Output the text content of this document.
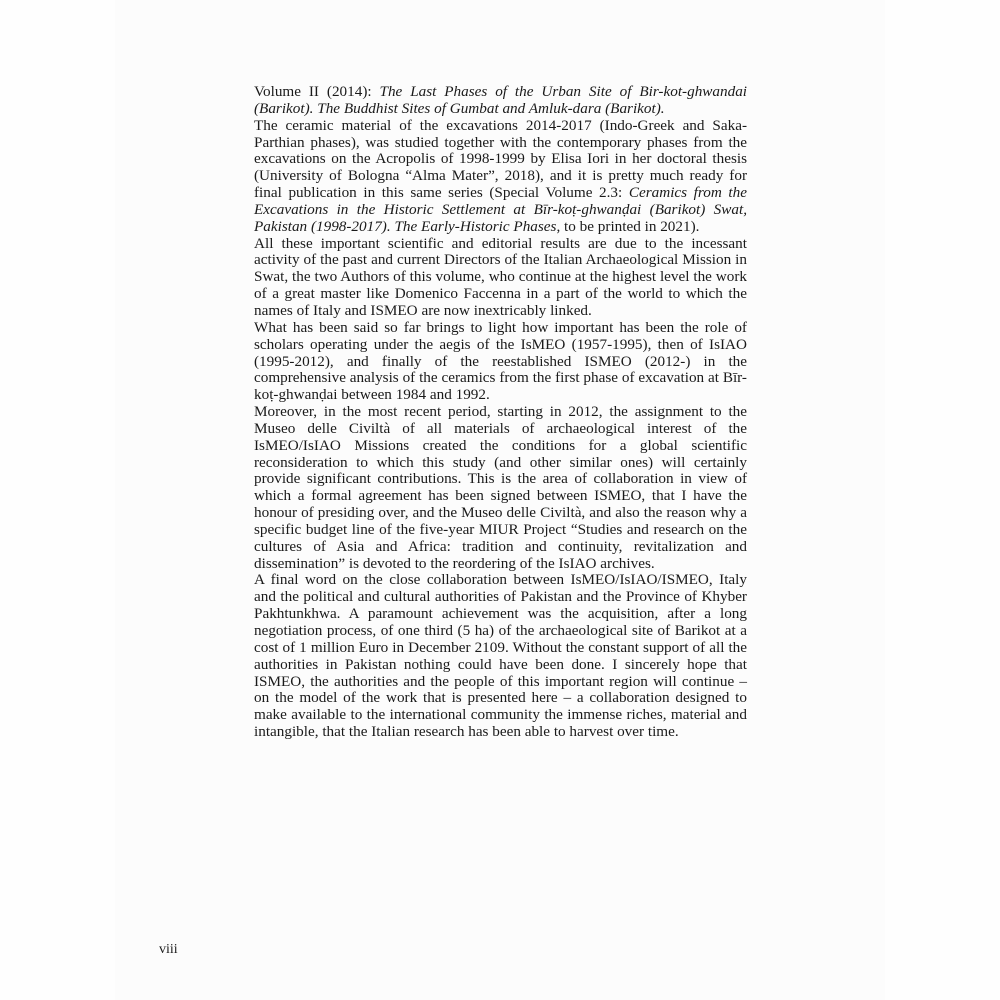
Volume II (2014): The Last Phases of the Urban Site of Bir-kot-ghwandai (Barikot). The Buddhist Sites of Gumbat and Amluk-dara (Barikot).

The ceramic material of the excavations 2014-2017 (Indo-Greek and Saka-Parthian phases), was studied together with the contemporary phases from the excavations on the Acropolis of 1998-1999 by Elisa Iori in her doctoral thesis (University of Bologna “Alma Mater”, 2018), and it is pretty much ready for final publication in this same series (Special Volume 2.3: Ceramics from the Excavations in the Historic Settlement at Bīr-koṭ-ghwanḍai (Barikot) Swat, Pakistan (1998-2017). The Early-Historic Phases, to be printed in 2021).

All these important scientific and editorial results are due to the incessant activity of the past and current Directors of the Italian Archaeological Mission in Swat, the two Authors of this volume, who continue at the highest level the work of a great master like Domenico Faccenna in a part of the world to which the names of Italy and ISMEO are now inextricably linked.

What has been said so far brings to light how important has been the role of scholars operating under the aegis of the IsMEO (1957-1995), then of IsIAO (1995-2012), and finally of the reestablished ISMEO (2012-) in the comprehensive analysis of the ceramics from the first phase of excavation at Bīr-koṭ-ghwanḍai between 1984 and 1992.

Moreover, in the most recent period, starting in 2012, the assignment to the Museo delle Civiltà of all materials of archaeological interest of the IsMEO/IsIAO Missions created the conditions for a global scientific reconsideration to which this study (and other similar ones) will certainly provide significant contributions. This is the area of collaboration in view of which a formal agreement has been signed between ISMEO, that I have the honour of presiding over, and the Museo delle Civiltà, and also the reason why a specific budget line of the five-year MIUR Project “Studies and research on the cultures of Asia and Africa: tradition and continuity, revitalization and dissemination” is devoted to the reordering of the IsIAO archives.

A final word on the close collaboration between IsMEO/IsIAO/ISMEO, Italy and the political and cultural authorities of Pakistan and the Province of Khyber Pakhtunkhwa. A paramount achievement was the acquisition, after a long negotiation process, of one third (5 ha) of the archaeological site of Barikot at a cost of 1 million Euro in December 2109. Without the constant support of all the authorities in Pakistan nothing could have been done. I sincerely hope that ISMEO, the authorities and the people of this important region will continue – on the model of the work that is presented here – a collaboration designed to make available to the international community the immense riches, material and intangible, that the Italian research has been able to harvest over time.

viii
